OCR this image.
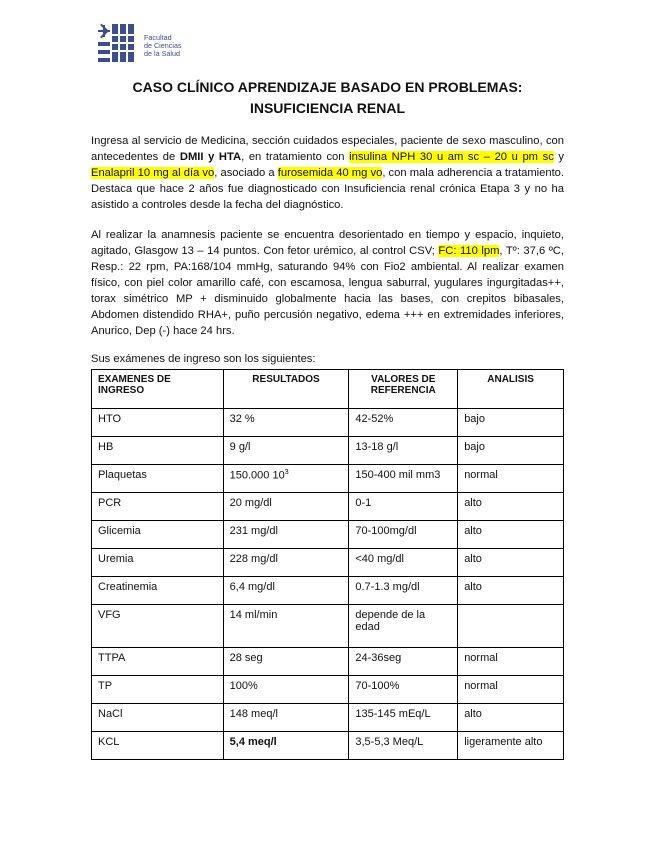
Facultad
de Ciencias
de la Salud
CASO CLÍNICO APRENDIZAJE BASADO EN PROBLEMAS:
INSUFICIENCIA RENAL
Ingresa al servicio de Medicina, sección cuidados especiales, paciente de sexo masculino, con antecedentes de DMII y HTA, en tratamiento con insulina NPH 30 u am sc – 20 u pm sc y Enalapril 10 mg al día vo, asociado a furosemida 40 mg vo, con mala adherencia a tratamiento. Destaca que hace 2 años fue diagnosticado con Insuficiencia renal crónica Etapa 3 y no ha asistido a controles desde la fecha del diagnóstico.
Al realizar la anamnesis paciente se encuentra desorientado en tiempo y espacio, inquieto, agitado, Glasgow 13 – 14 puntos. Con fetor urémico, al control CSV; FC: 110 lpm, Tº: 37,6 ºC, Resp.: 22 rpm, PA:168/104 mmHg, saturando 94% con Fio2 ambiental. Al realizar examen físico, con piel color amarillo café, con escamosa, lengua saburral, yugulares ingurgitadas++, torax simétrico MP + disminuido globalmente hacia las bases, con crepitos bibasales, Abdomen distendido RHA+, puño percusión negativo, edema +++ en extremidades inferiores, Anurico, Dep (-) hace 24 hrs.
Sus exámenes de ingreso son los siguientes:
EXAMENES DE INGRESO	RESULTADOS	VALORES DE REFERENCIA	ANALISIS
HTO	32 %	42-52%	bajo
HB	9 g/l	13-18 g/l	bajo
Plaquetas	150.000 $10^3$	150-400 mil mm3	normal
PCR	20 mg/dl	0-1	alto
Glicemia	231 mg/dl	70-100mg/dl	alto
Uremia	228 mg/dl	<40 mg/dl	alto
Creatinemia	6,4 mg/dl	0.7-1.3 mg/dl	alto
VFG	14 ml/min	depende de la edad	
TTPA	28 seg	24-36seg	normal
TP	100%	70-100%	normal
NaCl	148 meq/l	135-145 mEq/L	alto
KCL	5,4 meq/l	3,5-5,3 Meq/L	ligeramente alto
